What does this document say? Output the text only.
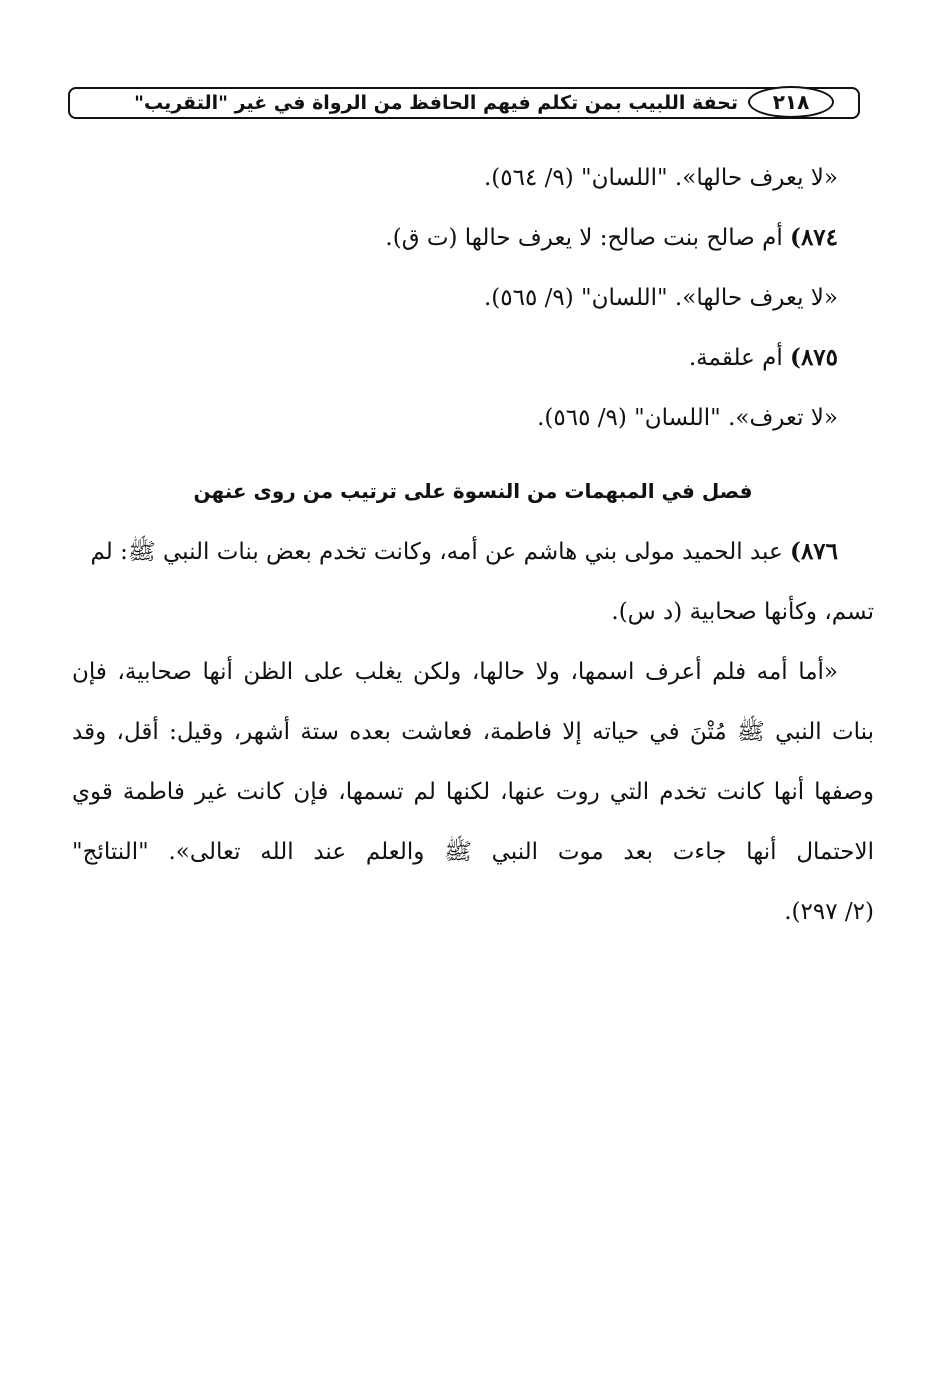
تحفة اللبيب بمن تكلم فيهم الحافظ من الرواة في غير "التقريب"	٢١٨
«لا يعرف حالها». "اللسان" (٩/ ٥٦٤).
٨٧٤) أم صالح بنت صالح: لا يعرف حالها (ت ق).
«لا يعرف حالها». "اللسان" (٩/ ٥٦٥).
٨٧٥) أم علقمة.
«لا تعرف». "اللسان" (٩/ ٥٦٥).
فصل في المبهمات من النسوة على ترتيب من روى عنهن
٨٧٦) عبد الحميد مولى بني هاشم عن أمه، وكانت تخدم بعض بنات النبي ﷺ: لم
تسم، وكأنها صحابية (د س).
«أما أمه فلم أعرف اسمها، ولا حالها، ولكن يغلب على الظن أنها صحابية، فإن
بنات النبي ﷺ مُتْنَ في حياته إلا فاطمة، فعاشت بعده ستة أشهر، وقيل: أقل، وقد
وصفها أنها كانت تخدم التي روت عنها، لكنها لم تسمها، فإن كانت غير فاطمة قوي
الاحتمال أنها جاءت بعد موت النبي ﷺ والعلم عند الله تعالى». "النتائج"
(٢/ ٢٩٧).
